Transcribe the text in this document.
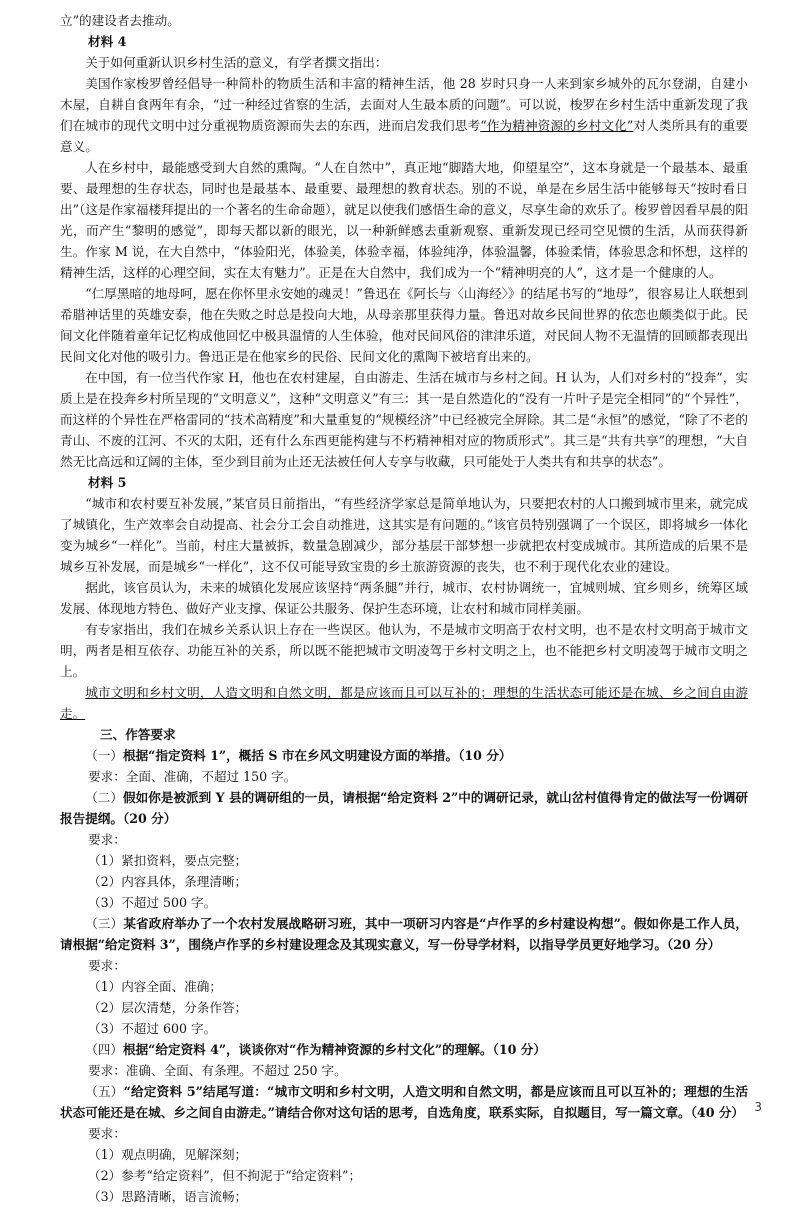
立”的建设者去推动。

材料 4

关于如何重新认识乡村生活的意义，有学者撰文指出：

美国作家梭罗曾经倡导一种简朴的物质生活和丰富的精神生活，他 28 岁时只身一人来到家乡城外的瓦尔登湖，自建小木屋，自耕自食两年有余，“过一种经过省察的生活，去面对人生最本质的问题”。可以说，梭罗在乡村生活中重新发现了我们在城市的现代文明中过分重视物质资源而失去的东西，进而启发我们思考“作为精神资源的乡村文化”对人类所具有的重要意义。

人在乡村中，最能感受到大自然的熏陶。“人在自然中”，真正地“脚踏大地，仰望星空”，这本身就是一个最基本、最重要、最理想的生存状态，同时也是最基本、最重要、最理想的教育状态。别的不说，单是在乡居生活中能够每天“按时看日出”（这是作家福楼拜提出的一个著名的生命命题），就足以使我们感悟生命的意义，尽享生命的欢乐了。梭罗曾因看早晨的阳光，而产生“黎明的感觉”，即每天都以新的眼光，以一种新鲜感去重新观察、重新发现已经司空见惯的生活，从而获得新生。作家 M 说，在大自然中，“体验阳光，体验美，体验幸福，体验纯净，体验温馨，体验柔情，体验思念和怀想，这样的精神生活，这样的心理空间，实在太有魅力”。正是在大自然中，我们成为一个“精神明亮的人”，这才是一个健康的人。

“仁厚黑暗的地母呵，愿在你怀里永安她的魂灵！”鲁迅在《阿长与〈山海经〉》的结尾书写的“地母”，很容易让人联想到希腊神话里的英雄安泰，他在失败之时总是投向大地，从母亲那里获得力量。鲁迅对故乡民间世界的依恋也颇类似于此。民间文化伴随着童年记忆构成他回忆中极具温情的人生体验，他对民间风俗的津津乐道，对民间人物不无温情的回顾都表现出民间文化对他的吸引力。鲁迅正是在他家乡的民俗、民间文化的熏陶下被培育出来的。

在中国，有一位当代作家 H，他也在农村建屋，自由游走、生活在城市与乡村之间。H 认为，人们对乡村的“投奔”，实质上是在投奔乡村所呈现的“文明意义”，这种“文明意义”有三：其一是自然造化的“没有一片叶子是完全相同”的“个异性”，而这样的个异性在严格雷同的“技术高精度”和大量重复的“规模经济”中已经被完全屏除。其二是“永恒”的感觉，“除了不老的青山、不废的江河、不灭的太阳，还有什么东西更能构建与不朽精神相对应的物质形式”。其三是“共有共享”的理想，“大自然无比高远和辽阔的主体，至少到目前为止还无法被任何人专享与收藏，只可能处于人类共有和共享的状态”。

材料 5

“城市和农村要互补发展，”某官员日前指出，“有些经济学家总是简单地认为，只要把农村的人口搬到城市里来，就完成了城镇化，生产效率会自动提高、社会分工会自动推进，这其实是有问题的。”该官员特别强调了一个误区，即将城乡一体化变为城乡“一样化”。当前，村庄大量被拆，数量急剧减少，部分基层干部梦想一步就把农村变成城市。其所造成的后果不是城乡互补发展，而是城乡“一样化”，这不仅可能导致宝贵的乡土旅游资源的丧失，也不利于现代化农业的建设。

据此，该官员认为，未来的城镇化发展应该坚持“两条腿”并行，城市、农村协调统一，宜城则城、宜乡则乡，统筹区域发展、体现地方特色、做好产业支撑、保证公共服务、保护生态环境，让农村和城市同样美丽。

有专家指出，我们在城乡关系认识上存在一些误区。他认为，不是城市文明高于农村文明，也不是农村文明高于城市文明，两者是相互依存、功能互补的关系，所以既不能把城市文明凌驾于乡村文明之上，也不能把乡村文明凌驾于城市文明之上。

城市文明和乡村文明，人造文明和自然文明，都是应该而且可以互补的；理想的生活状态可能还是在城、乡之间自由游走。

三、作答要求

（一）根据“指定资料 1”，概括 S 市在乡风文明建设方面的举措。（10 分）

要求：全面、准确，不超过 150 字。

（二）假如你是被派到 Y 县的调研组的一员，请根据“给定资料 2”中的调研记录，就山岔村值得肯定的做法写一份调研报告提纲。（20 分）

要求：

（1）紧扣资料，要点完整；

（2）内容具体，条理清晰；

（3）不超过 500 字。

（三）某省政府举办了一个农村发展战略研习班，其中一项研习内容是“卢作孚的乡村建设构想”。假如你是工作人员，请根据“给定资料 3”，围绕卢作孚的乡村建设理念及其现实意义，写一份导学材料，以指导学员更好地学习。（20 分）

要求：

（1）内容全面、准确；

（2）层次清楚，分条作答；

（3）不超过 600 字。

（四）根据“给定资料 4”，谈谈你对“作为精神资源的乡村文化”的理解。（10 分）

要求：准确、全面、有条理。不超过 250 字。

（五）“给定资料 5”结尾写道：“城市文明和乡村文明，人造文明和自然文明，都是应该而且可以互补的；理想的生活状态可能还是在城、乡之间自由游走。”请结合你对这句话的思考，自选角度，联系实际，自拟题目，写一篇文章。（40 分）

要求：

（1）观点明确，见解深刻；

（2）参考“给定资料”，但不拘泥于“给定资料”；

（3）思路清晰，语言流畅；

3
